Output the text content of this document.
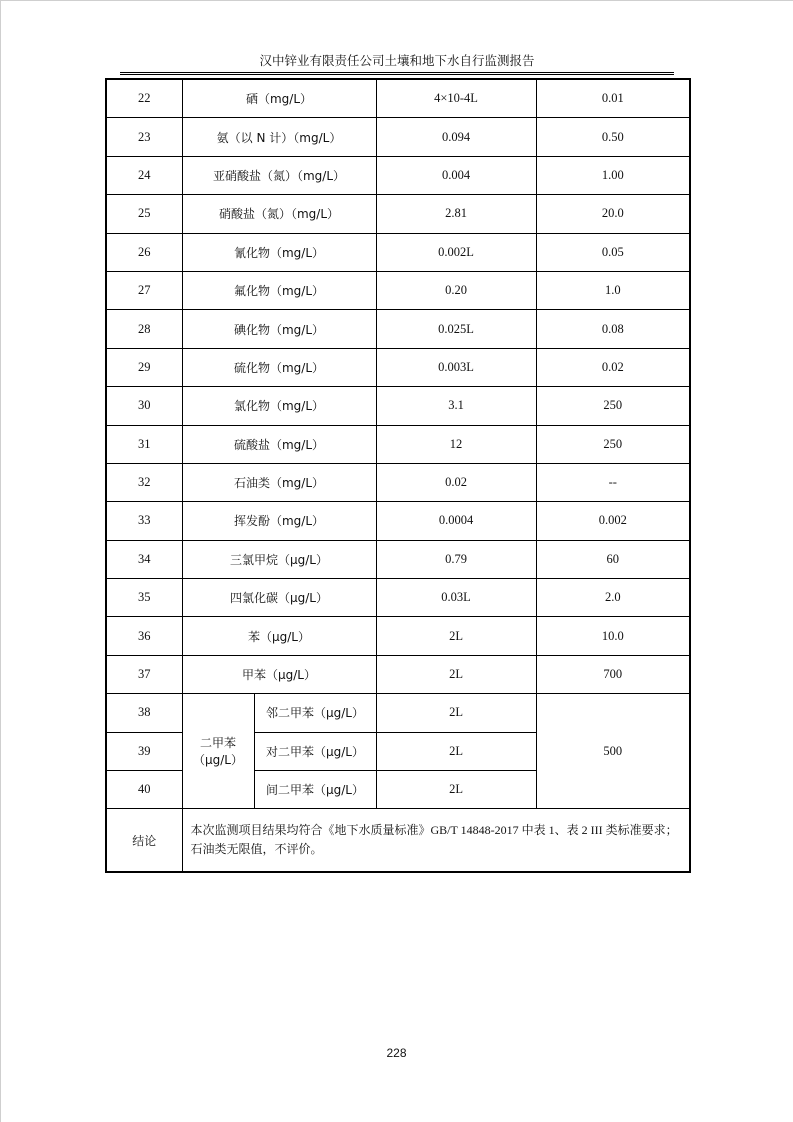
汉中锌业有限责任公司土壤和地下水自行监测报告
22	硒（mg/L）		4×10-4L	0.01
23	氨（以 N 计）（mg/L）		0.094	0.50
24	亚硝酸盐（氮）（mg/L）		0.004	1.00
25	硝酸盐（氮）（mg/L）		2.81	20.0
26	氰化物（mg/L）		0.002L	0.05
27	氟化物（mg/L）		0.20	1.0
28	碘化物（mg/L）		0.025L	0.08
29	硫化物（mg/L）		0.003L	0.02
30	氯化物（mg/L）		3.1	250
31	硫酸盐（mg/L）		12	250
32	石油类（mg/L）		0.02	--
33	挥发酚（mg/L）		0.0004	0.002
34	三氯甲烷（μg/L）		0.79	60
35	四氯化碳（μg/L）		0.03L	2.0
36	苯（μg/L）		2L	10.0
37	甲苯（μg/L）		2L	700
38	二甲苯（μg/L）	邻二甲苯（μg/L）	2L	500
39		对二甲苯（μg/L）	2L	
40		间二甲苯（μg/L）	2L	
结论	本次监测项目结果均符合《地下水质量标准》GB/T 14848-2017 中表 1、表 2 III 类标准要求；石油类无限值，不评价。			
228
